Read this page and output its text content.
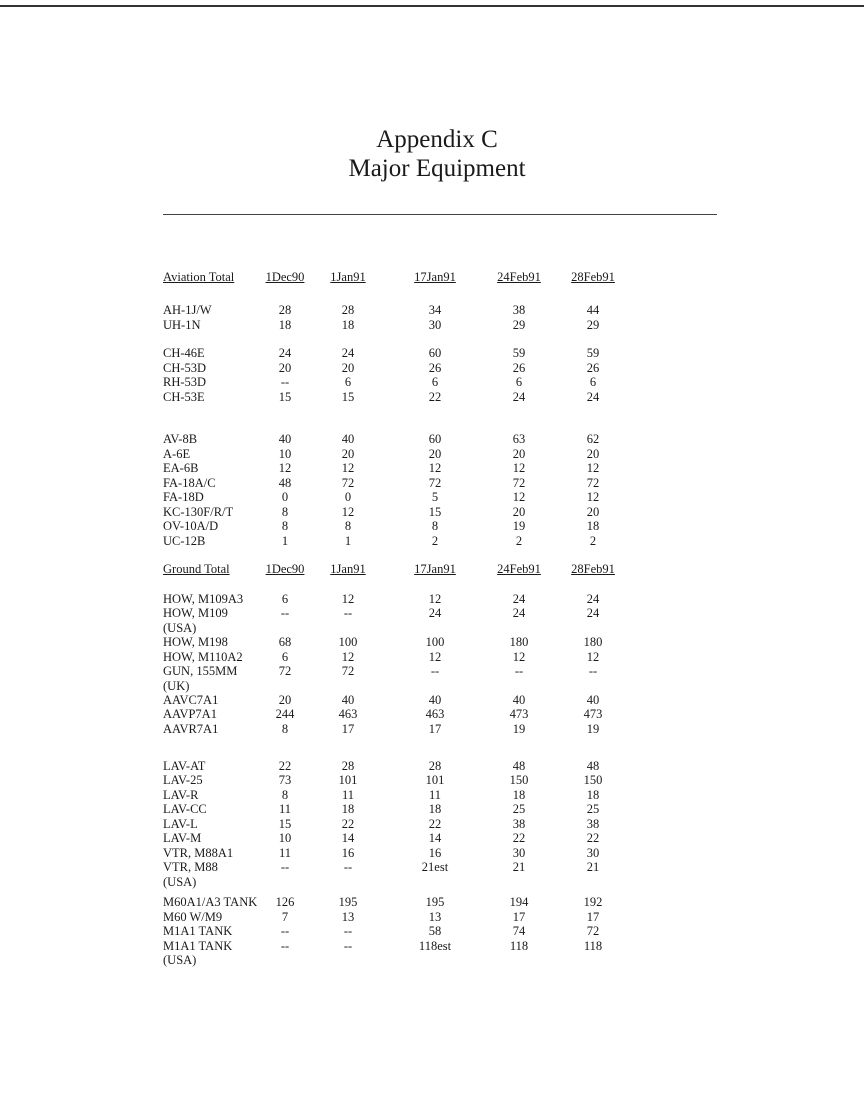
Appendix C
Major Equipment
Aviation Total	1Dec90	1Jan91	17Jan91	24Feb91	28Feb91
AH-1J/W	28	28	34	38	44
UH-1N	18	18	30	29	29
CH-46E	24	24	60	59	59
CH-53D	20	20	26	26	26
RH-53D	--	6	6	6	6
CH-53E	15	15	22	24	24
AV-8B	40	40	60	63	62
A-6E	10	20	20	20	20
EA-6B	12	12	12	12	12
FA-18A/C	48	72	72	72	72
FA-18D	0	0	5	12	12
KC-130F/R/T	8	12	15	20	20
OV-10A/D	8	8	8	19	18
UC-12B	1	1	2	2	2
Ground Total	1Dec90	1Jan91	17Jan91	24Feb91	28Feb91
HOW, M109A3	6	12	12	24	24
HOW, M109	--	--	24	24	24
(USA)
HOW, M198	68	100	100	180	180
HOW, M110A2	6	12	12	12	12
GUN, 155MM	72	72	--	--	--
(UK)
AAVC7A1	20	40	40	40	40
AAVP7A1	244	463	463	473	473
AAVR7A1	8	17	17	19	19
LAV-AT	22	28	28	48	48
LAV-25	73	101	101	150	150
LAV-R	8	11	11	18	18
LAV-CC	11	18	18	25	25
LAV-L	15	22	22	38	38
LAV-M	10	14	14	22	22
VTR, M88A1	11	16	16	30	30
VTR, M88	--	--	21est	21	21
(USA)
M60A1/A3 TANK	126	195	195	194	192
M60 W/M9	7	13	13	17	17
M1A1 TANK	--	--	58	74	72
M1A1 TANK	--	--	118est	118	118
(USA)
